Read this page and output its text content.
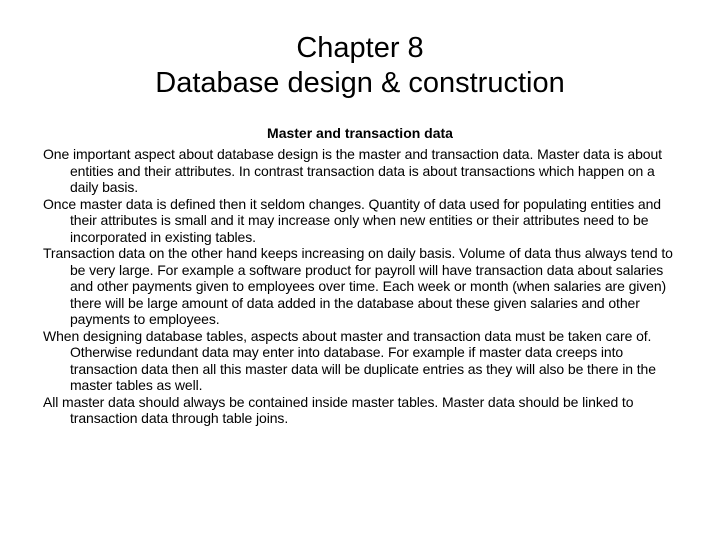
Chapter 8
Database design & construction
Master and transaction data

One important aspect about database design is the master and transaction data. Master data is about entities and their attributes. In contrast transaction data is about transactions which happen on a daily basis.

Once master data is defined then it seldom changes. Quantity of data used for populating entities and their attributes is small and it may increase only when new entities or their attributes need to be incorporated in existing tables.

Transaction data on the other hand keeps increasing on daily basis. Volume of data thus always tend to be very large. For example a software product for payroll will have transaction data about salaries and other payments given to employees over time. Each week or month (when salaries are given) there will be large amount of data added in the database about these given salaries and other payments to employees.

When designing database tables, aspects about master and transaction data must be taken care of. Otherwise redundant data may enter into database. For example if master data creeps into transaction data then all this master data will be duplicate entries as they will also be there in the master tables as well.

All master data should always be contained inside master tables. Master data should be linked to transaction data through table joins.
